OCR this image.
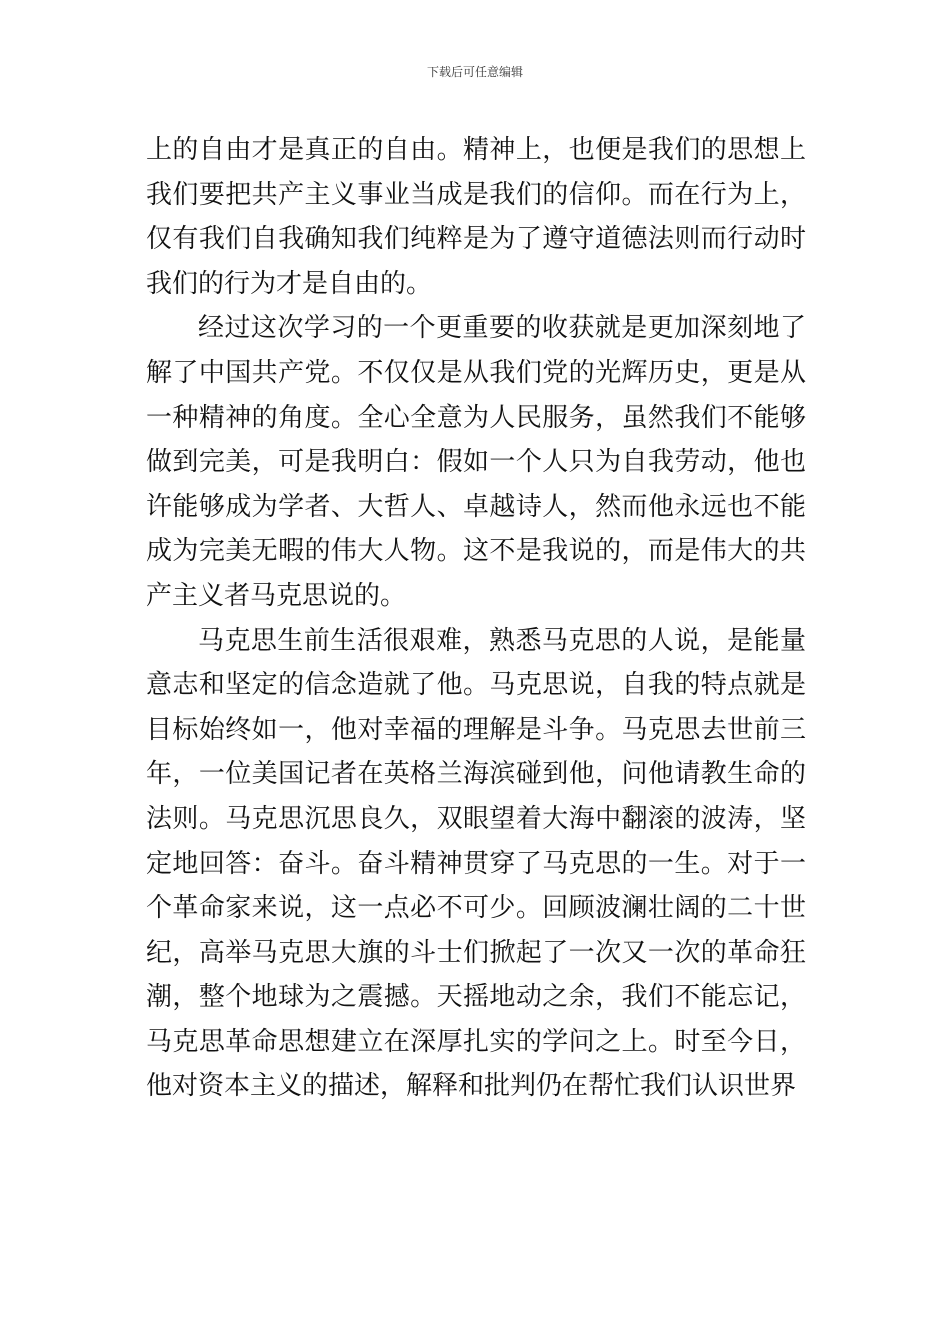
下载后可任意编辑

上的自由才是真正的自由。精神上，也便是我们的思想上我们要把共产主义事业当成是我们的信仰。而在行为上，仅有我们自我确知我们纯粹是为了遵守道德法则而行动时我们的行为才是自由的。

经过这次学习的一个更重要的收获就是更加深刻地了解了中国共产党。不仅仅是从我们党的光辉历史，更是从一种精神的角度。全心全意为人民服务，虽然我们不能够做到完美，可是我明白：假如一个人只为自我劳动，他也许能够成为学者、大哲人、卓越诗人，然而他永远也不能成为完美无暇的伟大人物。这不是我说的，而是伟大的共产主义者马克思说的。

马克思生前生活很艰难，熟悉马克思的人说，是能量意志和坚定的信念造就了他。马克思说，自我的特点就是目标始终如一，他对幸福的理解是斗争。马克思去世前三年，一位美国记者在英格兰海滨碰到他，问他请教生命的法则。马克思沉思良久，双眼望着大海中翻滚的波涛，坚定地回答：奋斗。奋斗精神贯穿了马克思的一生。对于一个革命家来说，这一点必不可少。回顾波澜壮阔的二十世纪，高举马克思大旗的斗士们掀起了一次又一次的革命狂潮，整个地球为之震撼。天摇地动之余，我们不能忘记，马克思革命思想建立在深厚扎实的学问之上。时至今日，他对资本主义的描述，解释和批判仍在帮忙我们认识世界
